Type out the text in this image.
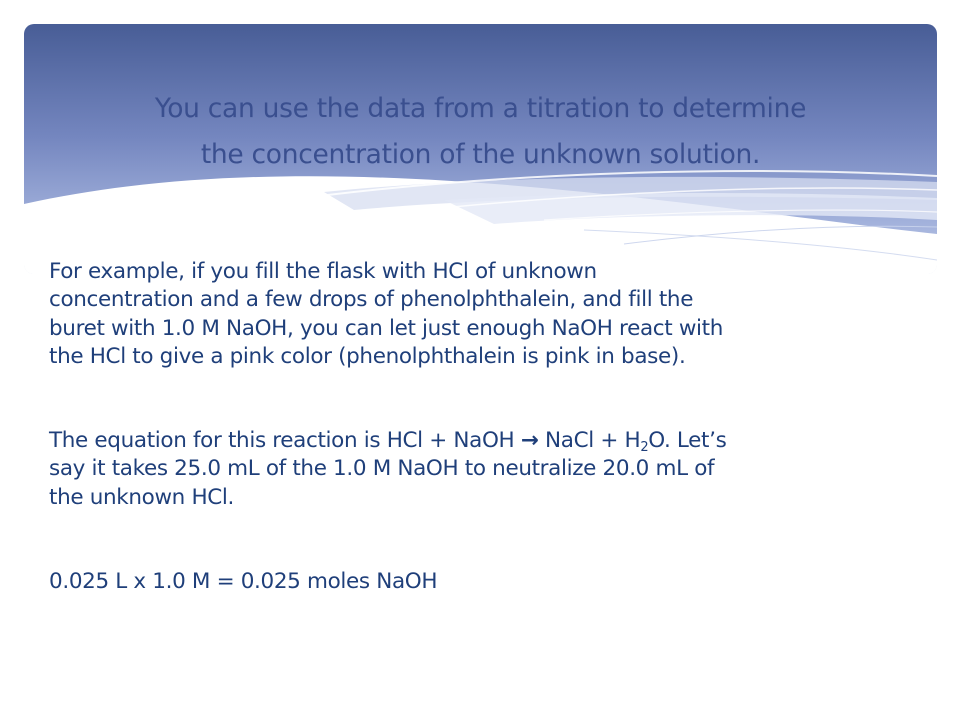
You can use the data from a titration to determine
the concentration of the unknown solution.

For example, if you fill the flask with HCl of unknown
concentration and a few drops of phenolphthalein, and fill the
buret with 1.0 M NaOH, you can let just enough NaOH react with
the HCl to give a pink color (phenolphthalein is pink in base).

The equation for this reaction is HCl + NaOH → NaCl + $H_2O$. Let’s
say it takes 25.0 mL of the 1.0 M NaOH to neutralize 20.0 mL of
the unknown HCl.

0.025 L x 1.0 M = 0.025 moles NaOH
